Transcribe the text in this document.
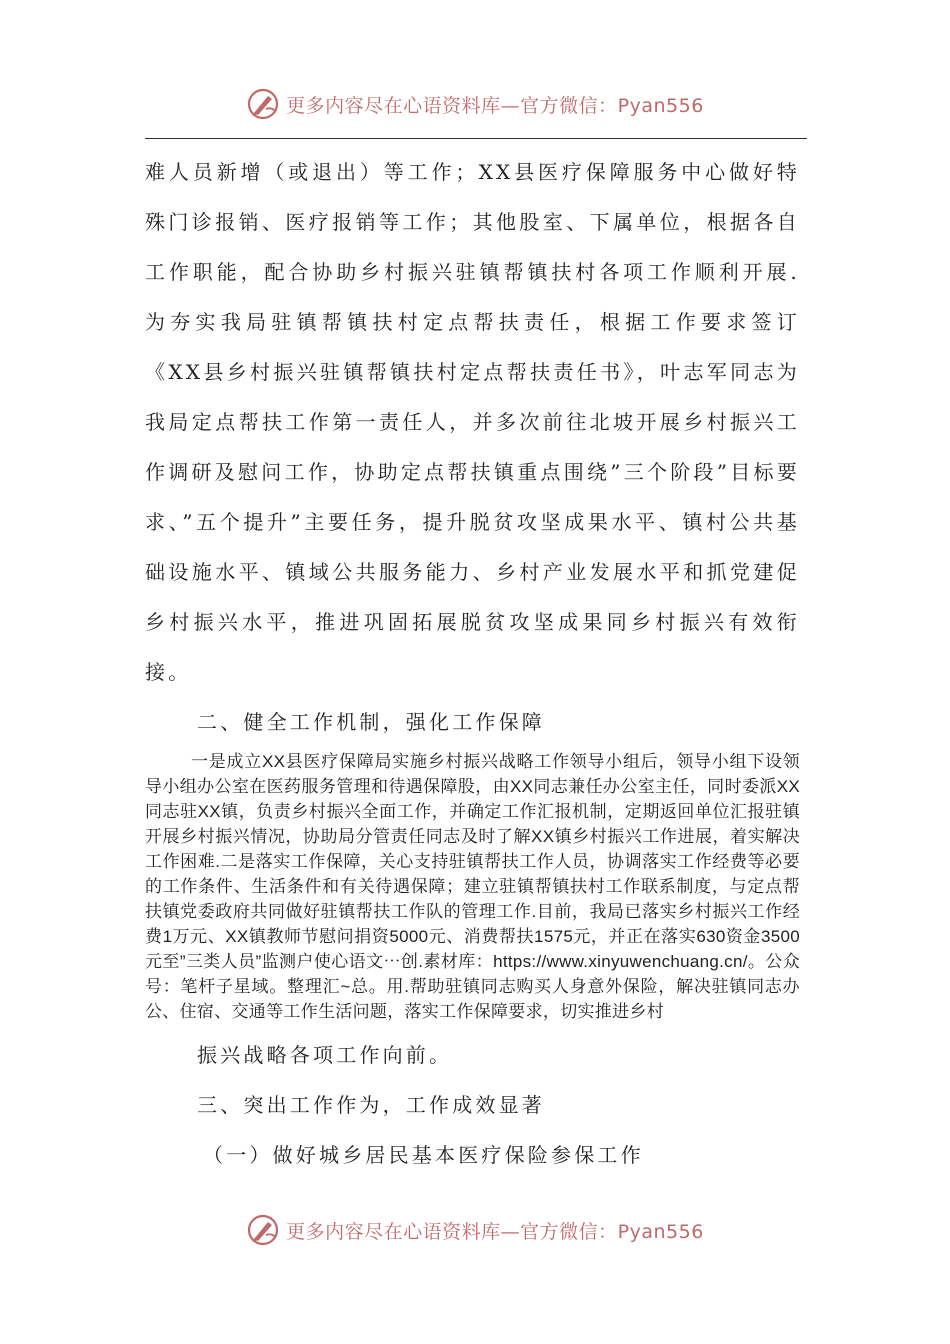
更多内容尽在心语资料库—官方微信：Pyan556

难人员新增（或退出）等工作；XX县医疗保障服务中心做好特殊门诊报销、医疗报销等工作；其他股室、下属单位，根据各自工作职能，配合协助乡村振兴驻镇帮镇扶村各项工作顺利开展.为夯实我局驻镇帮镇扶村定点帮扶责任，根据工作要求签订《XX县乡村振兴驻镇帮镇扶村定点帮扶责任书》，叶志军同志为我局定点帮扶工作第一责任人，并多次前往北坡开展乡村振兴工作调研及慰问工作，协助定点帮扶镇重点围绕”三个阶段”目标要求、”五个提升”主要任务，提升脱贫攻坚成果水平、镇村公共基础设施水平、镇域公共服务能力、乡村产业发展水平和抓党建促乡村振兴水平，推进巩固拓展脱贫攻坚成果同乡村振兴有效衔接。

二、健全工作机制，强化工作保障

一是成立XX县医疗保障局实施乡村振兴战略工作领导小组后，领导小组下设领导小组办公室在医药服务管理和待遇保障股，由XX同志兼任办公室主任，同时委派XX同志驻XX镇，负责乡村振兴全面工作，并确定工作汇报机制，定期返回单位汇报驻镇开展乡村振兴情况，协助局分管责任同志及时了解XX镇乡村振兴工作进展，着实解决工作困难.二是落实工作保障，关心支持驻镇帮扶工作人员，协调落实工作经费等必要的工作条件、生活条件和有关待遇保障；建立驻镇帮镇扶村工作联系制度，与定点帮扶镇党委政府共同做好驻镇帮扶工作队的管理工作.目前，我局已落实乡村振兴工作经费1万元、XX镇教师节慰问捐资5000元、消费帮扶1575元，并正在落实630资金3500元至”三类人员”监测户使心语文⋯创.素材库：https://www.xinyuwenchuang.cn/。公众号：笔杆子星域。整理汇~总。用.帮助驻镇同志购买人身意外保险，解决驻镇同志办公、住宿、交通等工作生活问题，落实工作保障要求，切实推进乡村

振兴战略各项工作向前。

三、突出工作作为，工作成效显著

（一）做好城乡居民基本医疗保险参保工作

更多内容尽在心语资料库—官方微信：Pyan556
